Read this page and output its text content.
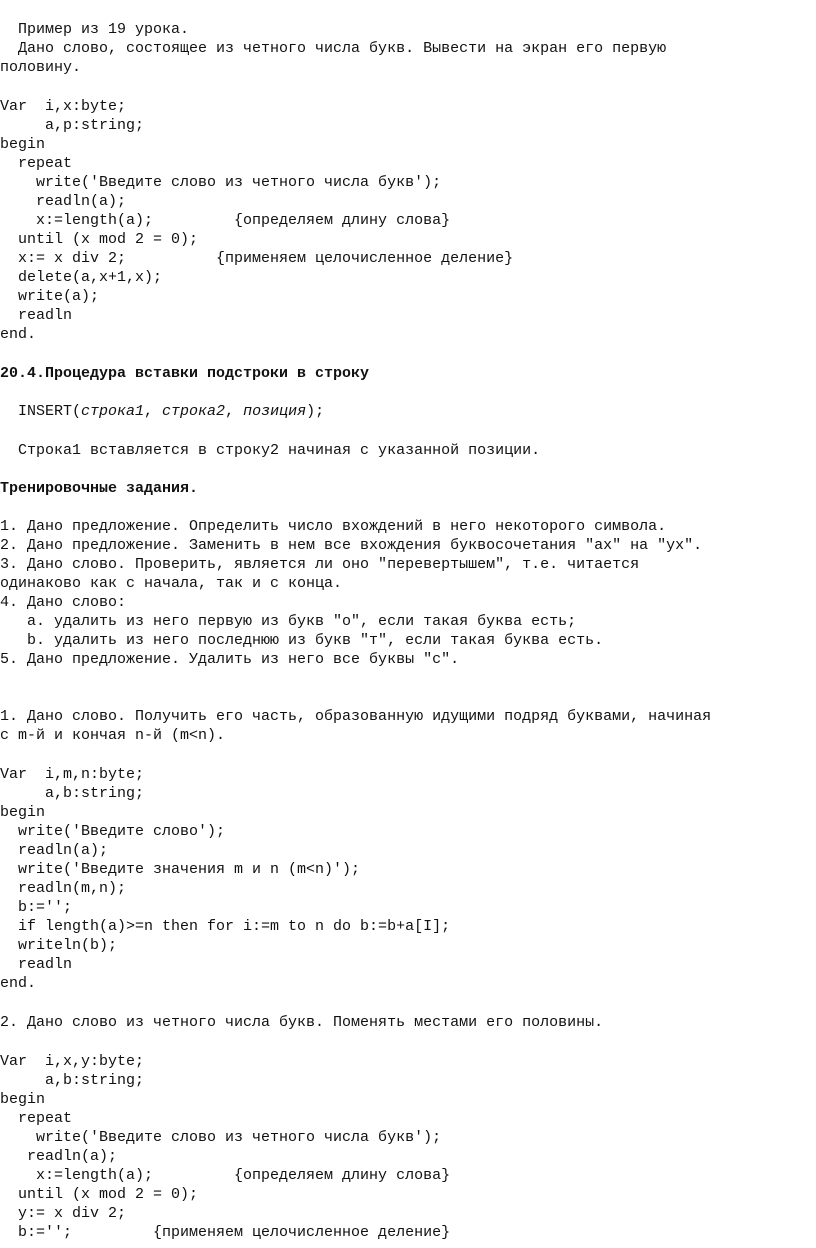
Пример из 19 урока.
Дано слово, состоящее из четного числа букв. Вывести на экран его первую
половину.
Var  i,x:byte;
a,p:string;
begin
repeat
write('Введите слово из четного числа букв');
readln(a);
x:=length(a);         {определяем длину слова}
until (x mod 2 = 0);
x:= x div 2;          {применяем целочисленное деление}
delete(a,x+1,x);
write(a);
readln
end.
20.4.Процедура вставки подстроки в строку
INSERT(строка1, строка2, позиция);
Строка1 вставляется в строку2 начиная с указанной позиции.
Тренировочные задания.
1. Дано предложение. Определить число вхождений в него некоторого символа.
2. Дано предложение. Заменить в нем все вхождения буквосочетания "ах" на "ух".
3. Дано слово. Проверить, является ли оно "перевертышем", т.е. читается
одинаково как с начала, так и с конца.
4. Дано слово:
a. удалить из него первую из букв "о", если такая буква есть;
b. удалить из него последнюю из букв "т", если такая буква есть.
5. Дано предложение. Удалить из него все буквы "с".
1. Дано слово. Получить его часть, образованную идущими подряд буквами, начиная
с m-й и кончая n-й (m<n).
Var  i,m,n:byte;
a,b:string;
begin
write('Введите слово');
readln(a);
write('Введите значения m и n (m<n)');
readln(m,n);
b:='';
if length(a)>=n then for i:=m to n do b:=b+a[I];
writeln(b);
readln
end.
2. Дано слово из четного числа букв. Поменять местами его половины.
Var  i,x,y:byte;
a,b:string;
begin
repeat
write('Введите слово из четного числа букв');
readln(a);
x:=length(a);         {определяем длину слова}
until (x mod 2 = 0);
y:= x div 2;
b:='';         {применяем целочисленное деление}
